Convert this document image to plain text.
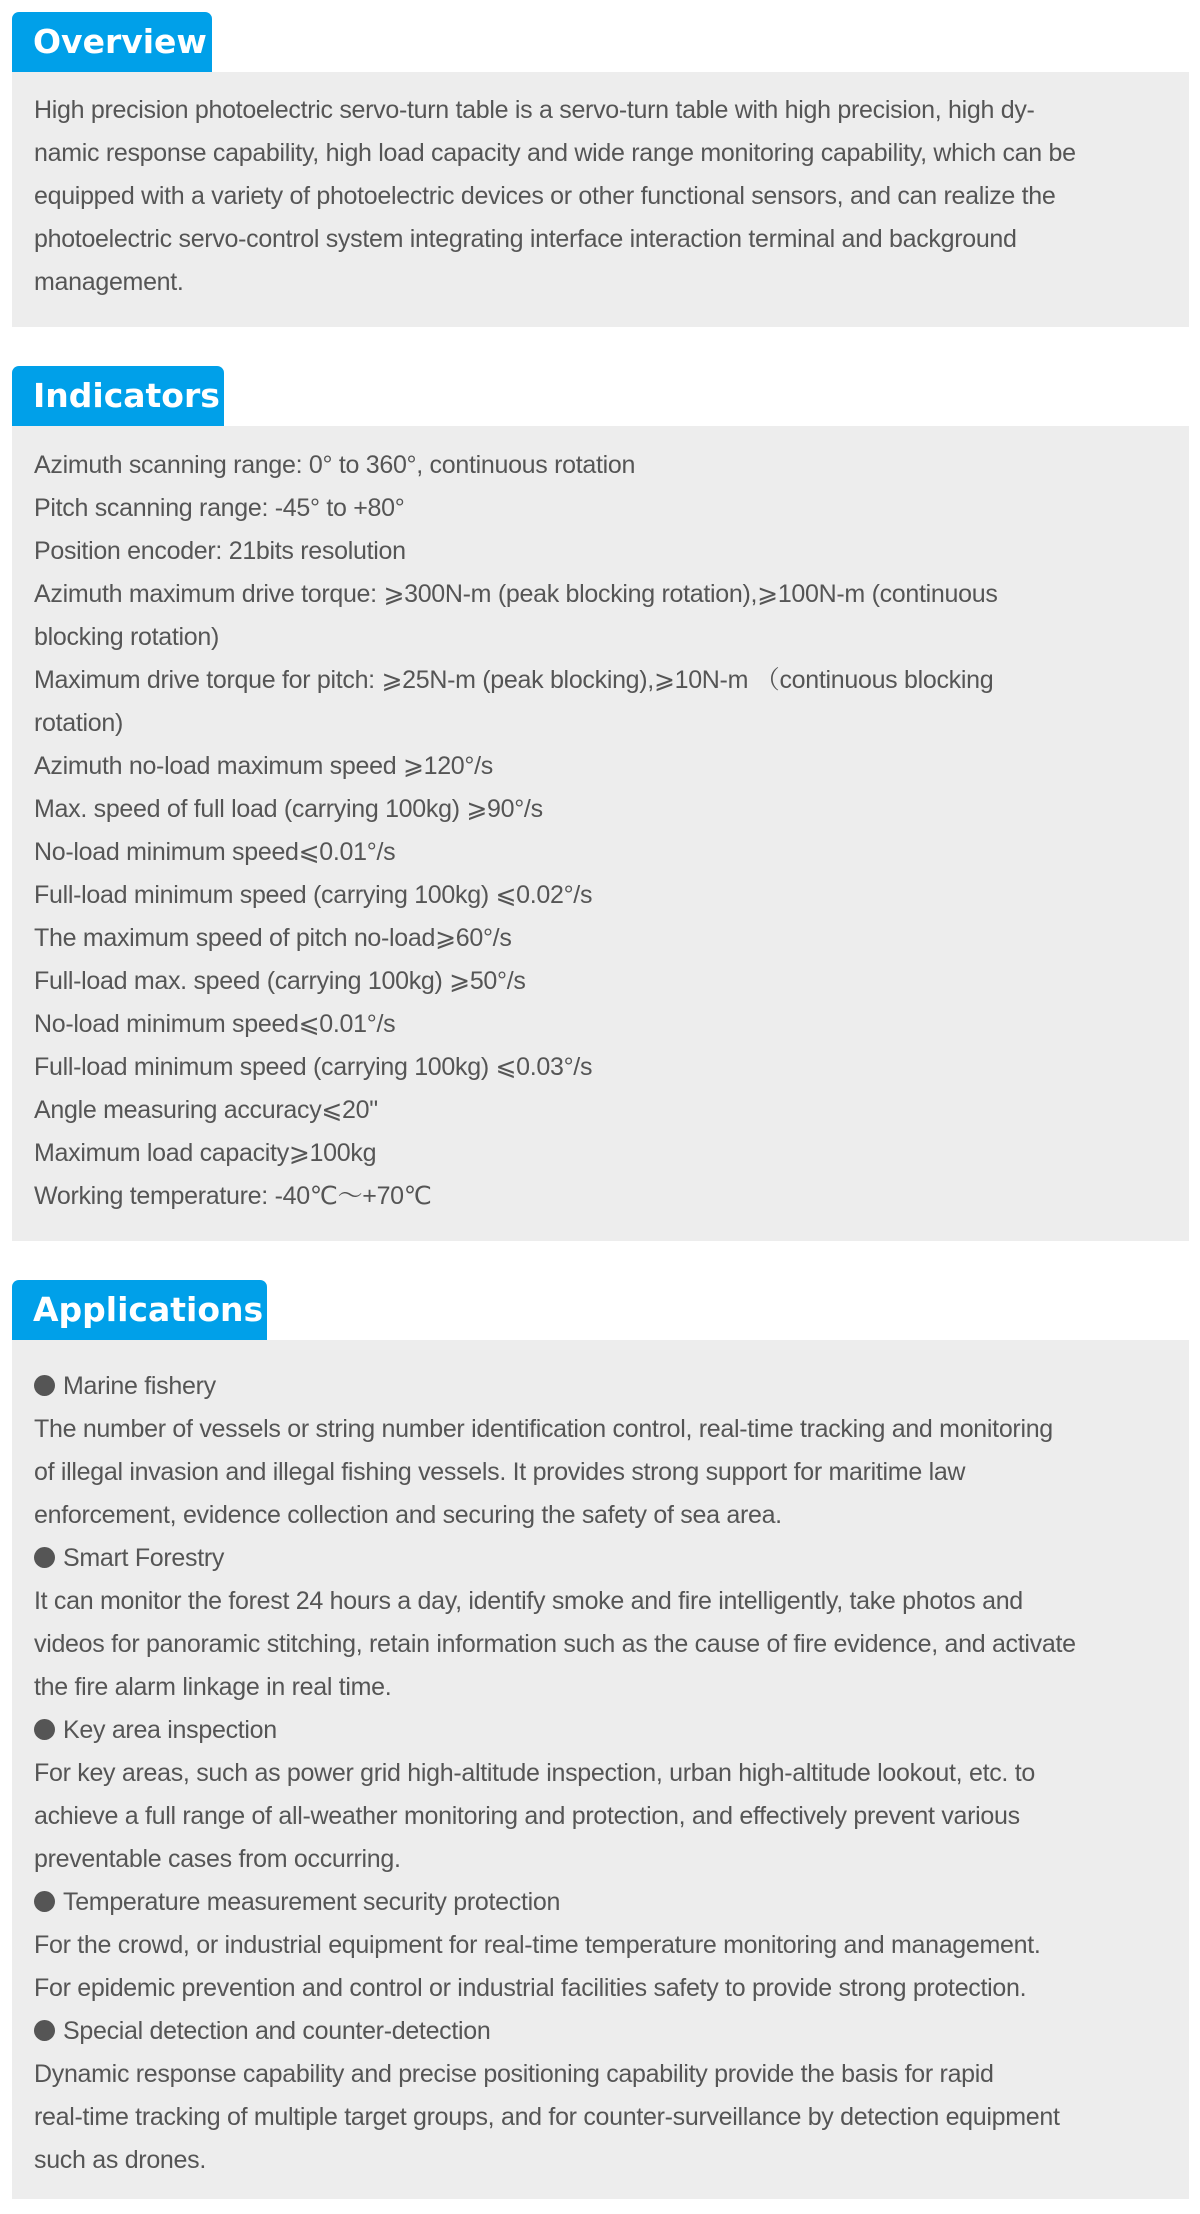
Overview
High precision photoelectric servo-turn table is a servo-turn table with high precision, high dy-
namic response capability, high load capacity and wide range monitoring capability, which can be
equipped with a variety of photoelectric devices or other functional sensors, and can realize the
photoelectric servo-control system integrating interface interaction terminal and background
management.
Indicators
Azimuth scanning range: 0° to 360°, continuous rotation
Pitch scanning range: -45° to +80°
Position encoder: 21bits resolution
Azimuth maximum drive torque: ⩾300N-m (peak blocking rotation),⩾100N-m (continuous
blocking rotation)
Maximum drive torque for pitch: ⩾25N-m (peak blocking),⩾10N-m （continuous blocking
rotation)
Azimuth no-load maximum speed ⩾120°/s
Max. speed of full load (carrying 100kg) ⩾90°/s
No-load minimum speed⩽0.01°/s
Full-load minimum speed (carrying 100kg) ⩽0.02°/s
The maximum speed of pitch no-load⩾60°/s
Full-load max. speed (carrying 100kg) ⩾50°/s
No-load minimum speed⩽0.01°/s
Full-load minimum speed (carrying 100kg) ⩽0.03°/s
Angle measuring accuracy⩽20"
Maximum load capacity⩾100kg
Working temperature: -40℃～+70℃
Applications
Marine fishery
The number of vessels or string number identification control, real-time tracking and monitoring
of illegal invasion and illegal fishing vessels. It provides strong support for maritime law
enforcement, evidence collection and securing the safety of sea area.
Smart Forestry
It can monitor the forest 24 hours a day, identify smoke and fire intelligently, take photos and
videos for panoramic stitching, retain information such as the cause of fire evidence, and activate
the fire alarm linkage in real time.
Key area inspection
For key areas, such as power grid high-altitude inspection, urban high-altitude lookout, etc. to
achieve a full range of all-weather monitoring and protection, and effectively prevent various
preventable cases from occurring.
Temperature measurement security protection
For the crowd, or industrial equipment for real-time temperature monitoring and management.
For epidemic prevention and control or industrial facilities safety to provide strong protection.
Special detection and counter-detection
Dynamic response capability and precise positioning capability provide the basis for rapid
real-time tracking of multiple target groups, and for counter-surveillance by detection equipment
such as drones.
